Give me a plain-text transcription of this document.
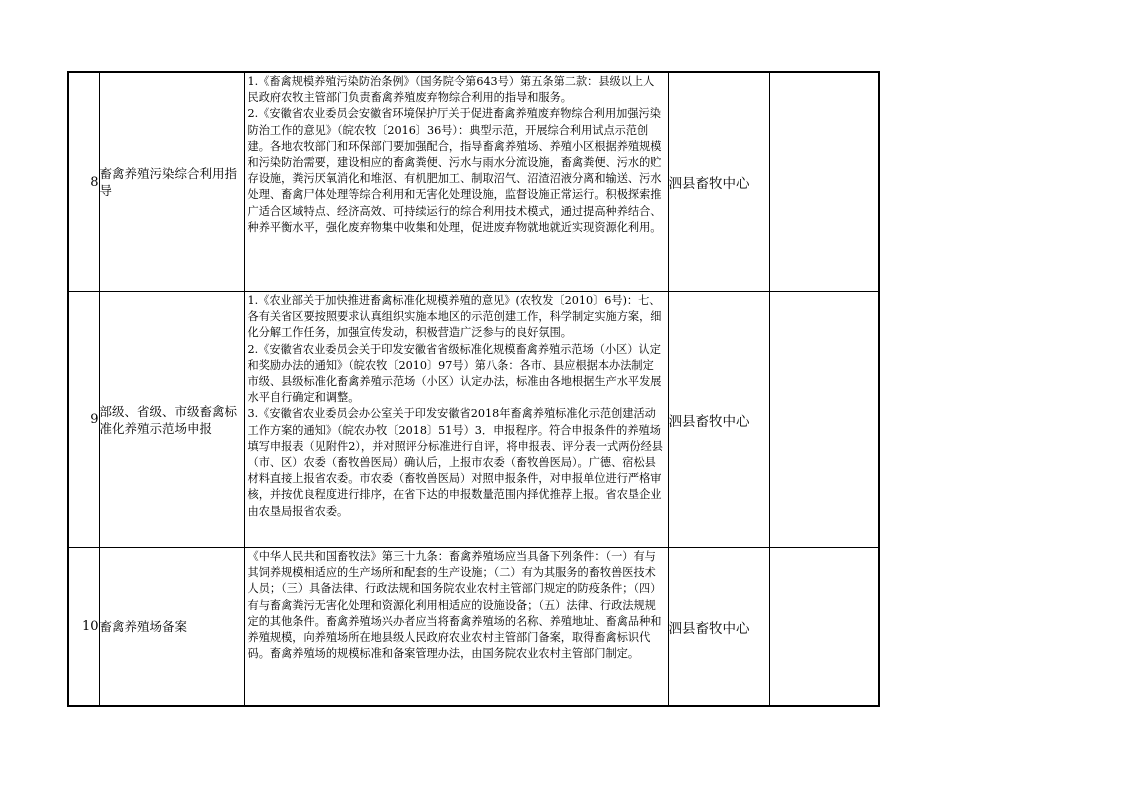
8	畜禽养殖污染综合利用指导	1.《畜禽规模养殖污染防治条例》（国务院令第643号）第五条第二款：县级以上人民政府农牧主管部门负责畜禽养殖废弃物综合利用的指导和服务。

2.《安徽省农业委员会安徽省环境保护厅关于促进畜禽养殖废弃物综合利用加强污染防治工作的意见》（皖农牧〔2016〕36号）：典型示范，开展综合利用试点示范创建。各地农牧部门和环保部门要加强配合，指导畜禽养殖场、养殖小区根据养殖规模和污染防治需要，建设相应的畜禽粪便、污水与雨水分流设施，畜禽粪便、污水的贮存设施，粪污厌氧消化和堆沤、有机肥加工、制取沼气、沼渣沼液分离和输送、污水处理、畜禽尸体处理等综合利用和无害化处理设施，监督设施正常运行。积极探索推广适合区域特点、经济高效、可持续运行的综合利用技术模式，通过提高种养结合、种养平衡水平，强化废弃物集中收集和处理，促进废弃物就地就近实现资源化利用。	泗县畜牧中心	
9	部级、省级、市级畜禽标准化养殖示范场申报	1.《农业部关于加快推进畜禽标准化规模养殖的意见》(农牧发〔2010〕6号)：七、各有关省区要按照要求认真组织实施本地区的示范创建工作，科学制定实施方案，细化分解工作任务，加强宣传发动，积极营造广泛参与的良好氛围。

2.《安徽省农业委员会关于印发安徽省省级标准化规模畜禽养殖示范场（小区）认定和奖励办法的通知》（皖农牧〔2010〕97号）第八条：各市、县应根据本办法制定市级、县级标准化畜禽养殖示范场（小区）认定办法，标准由各地根据生产水平发展水平自行确定和调整。

3.《安徽省农业委员会办公室关于印发安徽省2018年畜禽养殖标准化示范创建活动工作方案的通知》（皖农办牧〔2018〕51号）3．申报程序。符合申报条件的养殖场填写申报表（见附件2），并对照评分标准进行自评，将申报表、评分表一式两份经县（市、区）农委（畜牧兽医局）确认后，上报市农委（畜牧兽医局）。广德、宿松县材料直接上报省农委。市农委（畜牧兽医局）对照申报条件，对申报单位进行严格审核，并按优良程度进行排序，在省下达的申报数量范围内择优推荐上报。省农垦企业由农垦局报省农委。	泗县畜牧中心	
10	畜禽养殖场备案	《中华人民共和国畜牧法》第三十九条：畜禽养殖场应当具备下列条件：（一）有与其饲养规模相适应的生产场所和配套的生产设施；（二）有为其服务的畜牧兽医技术人员；（三）具备法律、行政法规和国务院农业农村主管部门规定的防疫条件；（四）有与畜禽粪污无害化处理和资源化利用相适应的设施设备；（五）法律、行政法规规定的其他条件。畜禽养殖场兴办者应当将畜禽养殖场的名称、养殖地址、畜禽品种和养殖规模，向养殖场所在地县级人民政府农业农村主管部门备案，取得畜禽标识代码。畜禽养殖场的规模标准和备案管理办法，由国务院农业农村主管部门制定。	泗县畜牧中心	
